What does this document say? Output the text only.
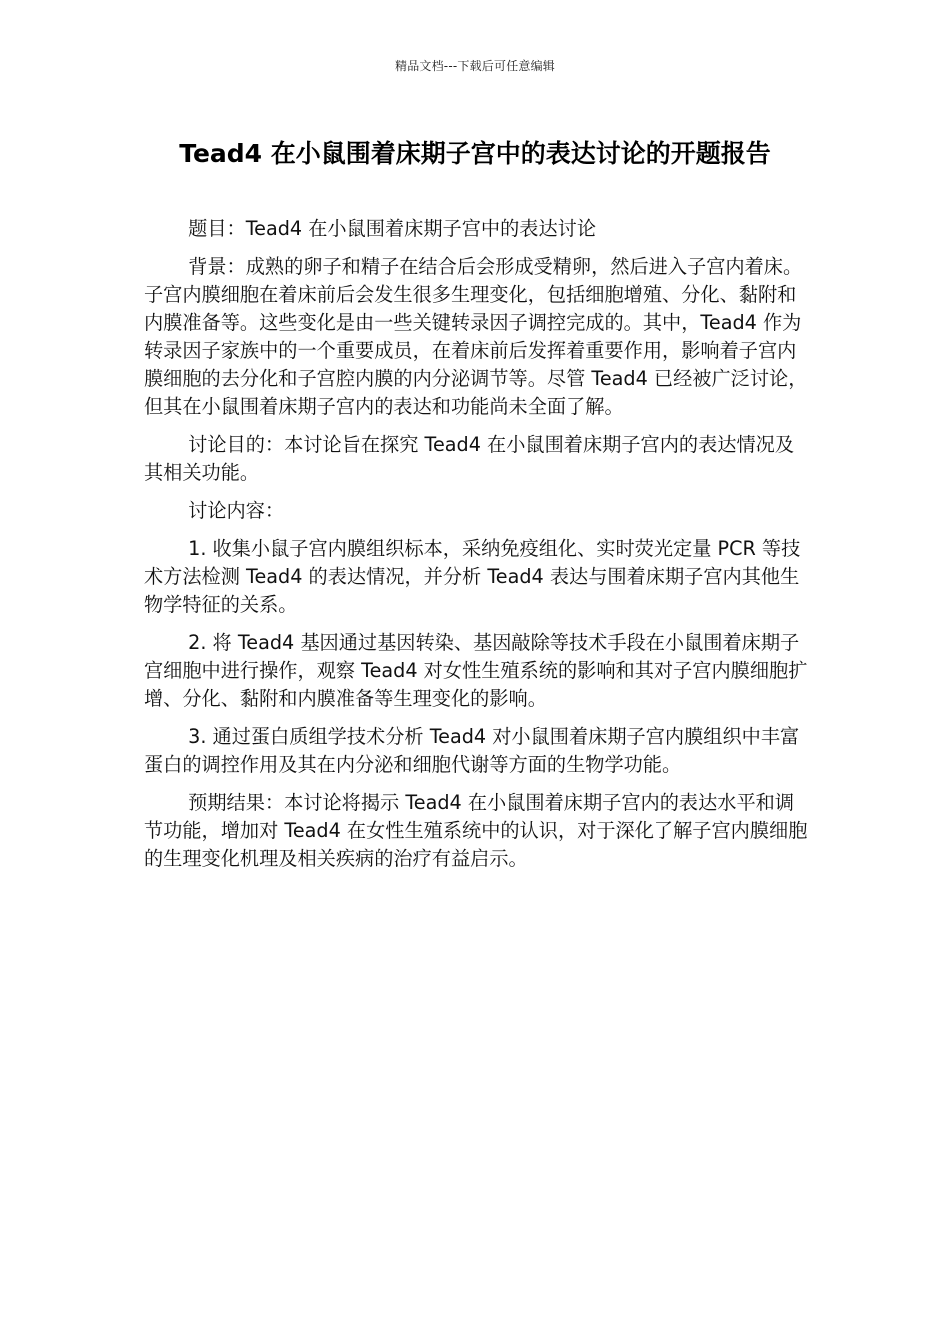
精品文档---下载后可任意编辑
Tead4 在小鼠围着床期子宫中的表达讨论的开题报告

题目：Tead4 在小鼠围着床期子宫中的表达讨论

背景：成熟的卵子和精子在结合后会形成受精卵，然后进入子宫内着床。子宫内膜细胞在着床前后会发生很多生理变化，包括细胞增殖、分化、黏附和内膜准备等。这些变化是由一些关键转录因子调控完成的。其中，Tead4 作为转录因子家族中的一个重要成员，在着床前后发挥着重要作用，影响着子宫内膜细胞的去分化和子宫腔内膜的内分泌调节等。尽管 Tead4 已经被广泛讨论，但其在小鼠围着床期子宫内的表达和功能尚未全面了解。

讨论目的：本讨论旨在探究 Tead4 在小鼠围着床期子宫内的表达情况及其相关功能。

讨论内容：

1. 收集小鼠子宫内膜组织标本，采纳免疫组化、实时荧光定量 PCR 等技术方法检测 Tead4 的表达情况，并分析 Tead4 表达与围着床期子宫内其他生物学特征的关系。

2. 将 Tead4 基因通过基因转染、基因敲除等技术手段在小鼠围着床期子宫细胞中进行操作，观察 Tead4 对女性生殖系统的影响和其对子宫内膜细胞扩增、分化、黏附和内膜准备等生理变化的影响。

3. 通过蛋白质组学技术分析 Tead4 对小鼠围着床期子宫内膜组织中丰富蛋白的调控作用及其在内分泌和细胞代谢等方面的生物学功能。

预期结果：本讨论将揭示 Tead4 在小鼠围着床期子宫内的表达水平和调节功能，增加对 Tead4 在女性生殖系统中的认识，对于深化了解子宫内膜细胞的生理变化机理及相关疾病的治疗有益启示。
